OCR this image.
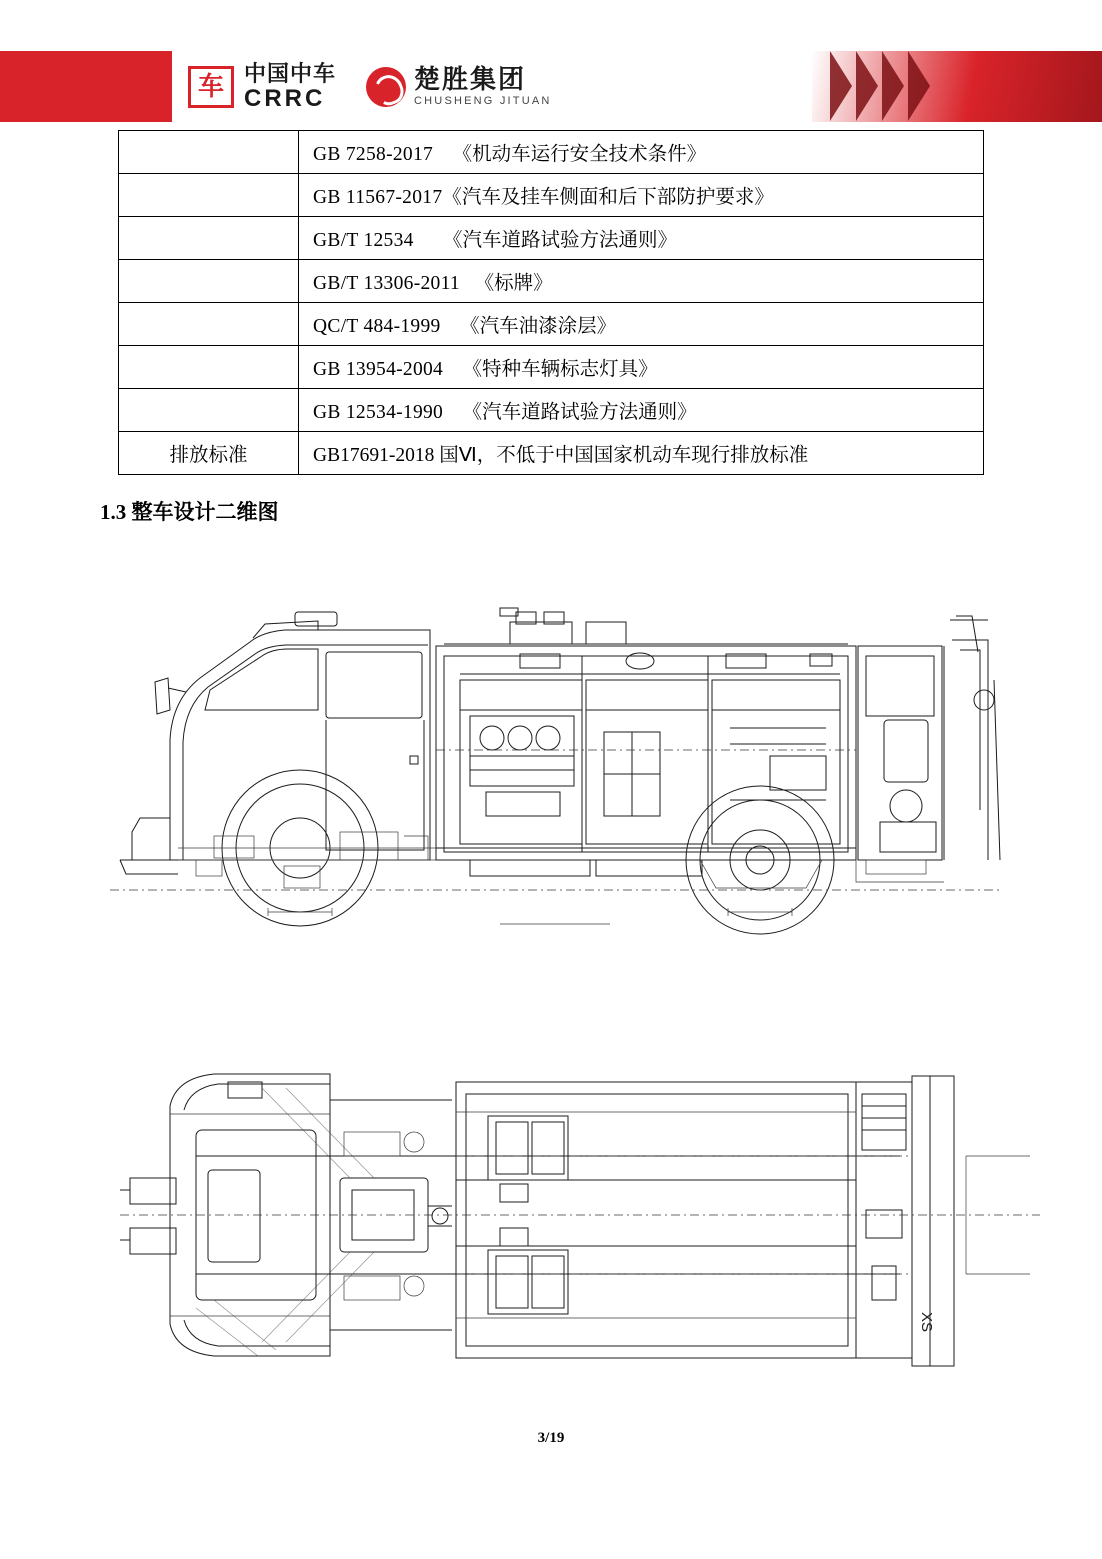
车 中国中车
CRRC
楚胜集团
CHUSHENG JITUAN
	GB 7258-2017 《机动车运行安全技术条件》
	GB 11567-2017《汽车及挂车侧面和后下部防护要求》
	GB/T 12534 《汽车道路试验方法通则》
	GB/T 13306-2011 《标牌》
	QC/T 484-1999 《汽车油漆涂层》
	GB 13954-2004 《特种车辆标志灯具》
	GB 12534-1990 《汽车道路试验方法通则》
排放标准	GB17691-2018 国Ⅵ，不低于中国国家机动车现行排放标准
1.3 整车设计二维图
XS
3/19
